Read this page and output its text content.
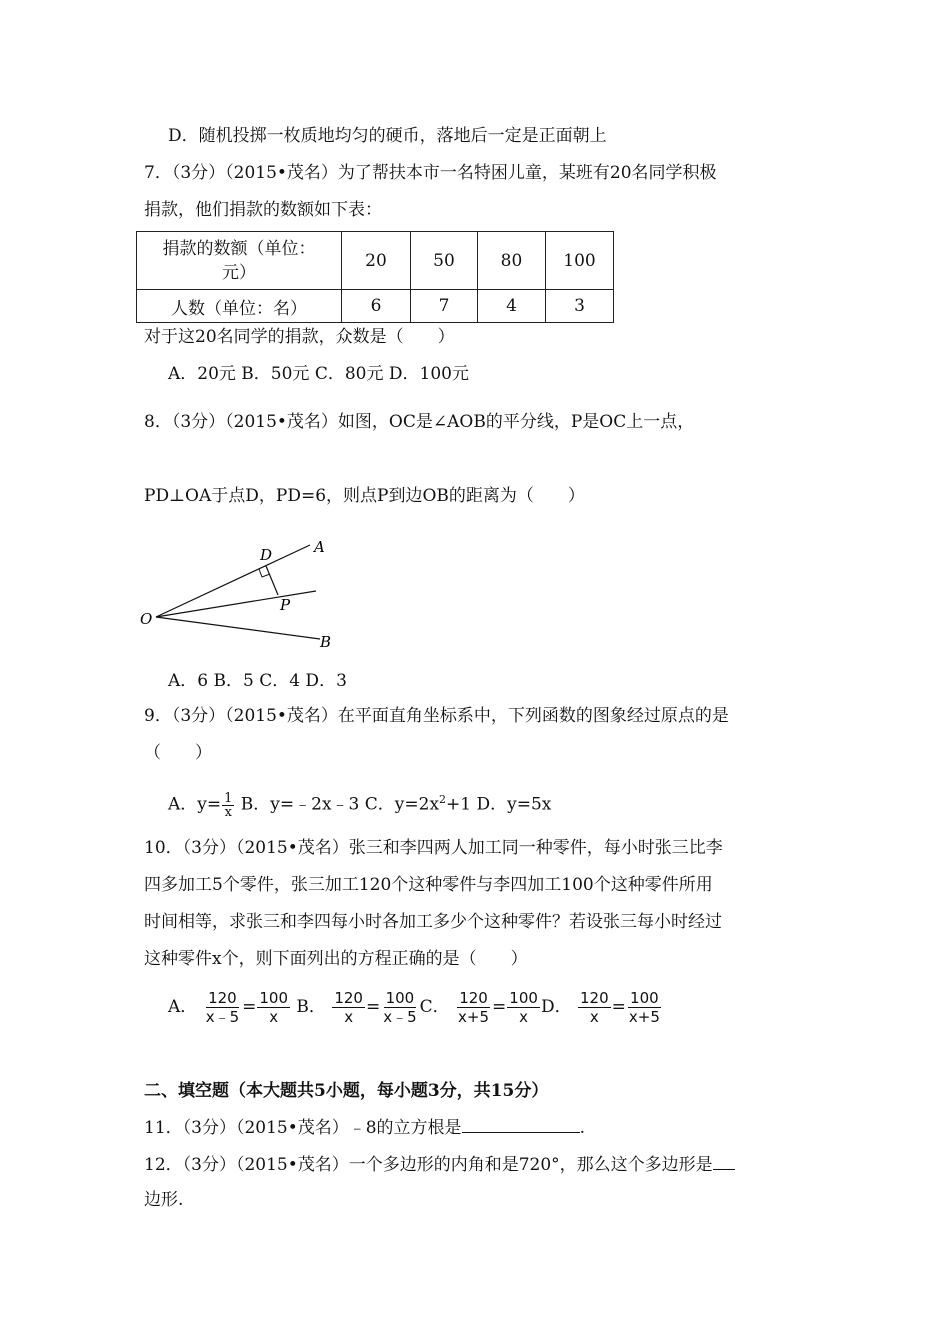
D．随机投掷一枚质地均匀的硬币，落地后一定是正面朝上
7．（3分）（2015•茂名）为了帮扶本市一名特困儿童，某班有20名同学积极
捐款，他们捐款的数额如下表：
捐款的数额（单位：
元）	20	50	80	100
人数（单位：名）	6	7	4	3
对于这20名同学的捐款，众数是（　　）
A．20元 B．50元 C．80元 D．100元
8．（3分）（2015•茂名）如图，OC是∠AOB的平分线，P是OC上一点，
PD⊥OA于点D，PD=6，则点P到边OB的距离为（　　）
O
A
B
D
P
A．6 B．5 C．4 D．3
9．（3分）（2015•茂名）在平面直角坐标系中，下列函数的图象经过原点的是
（　　）
A．$y= \frac{1}{x}$ B．y=﹣2x﹣3 C．$y=2x^2+1$ D．y=5x
10．（3分）（2015•茂名）张三和李四两人加工同一种零件，每小时张三比李
四多加工5个零件，张三加工120个这种零件与李四加工100个这种零件所用
时间相等，求张三和李四每小时各加工多少个这种零件？若设张三每小时经过
这种零件x个，则下面列出的方程正确的是（　　）
A． $\frac{120}{x﹣5} = \frac{100}{x}$ B． $\frac{120}{x} = \frac{100}{x﹣5}$ C． $\frac{120}{x+5} = \frac{100}{x}$ D． $\frac{120}{x} = \frac{100}{x+5}$
二、填空题（本大题共5小题，每小题3分，共15分）
11．（3分）（2015•茂名）﹣8的立方根是	.
12．（3分）（2015•茂名）一个多边形的内角和是720°，那么这个多边形是
边形.
